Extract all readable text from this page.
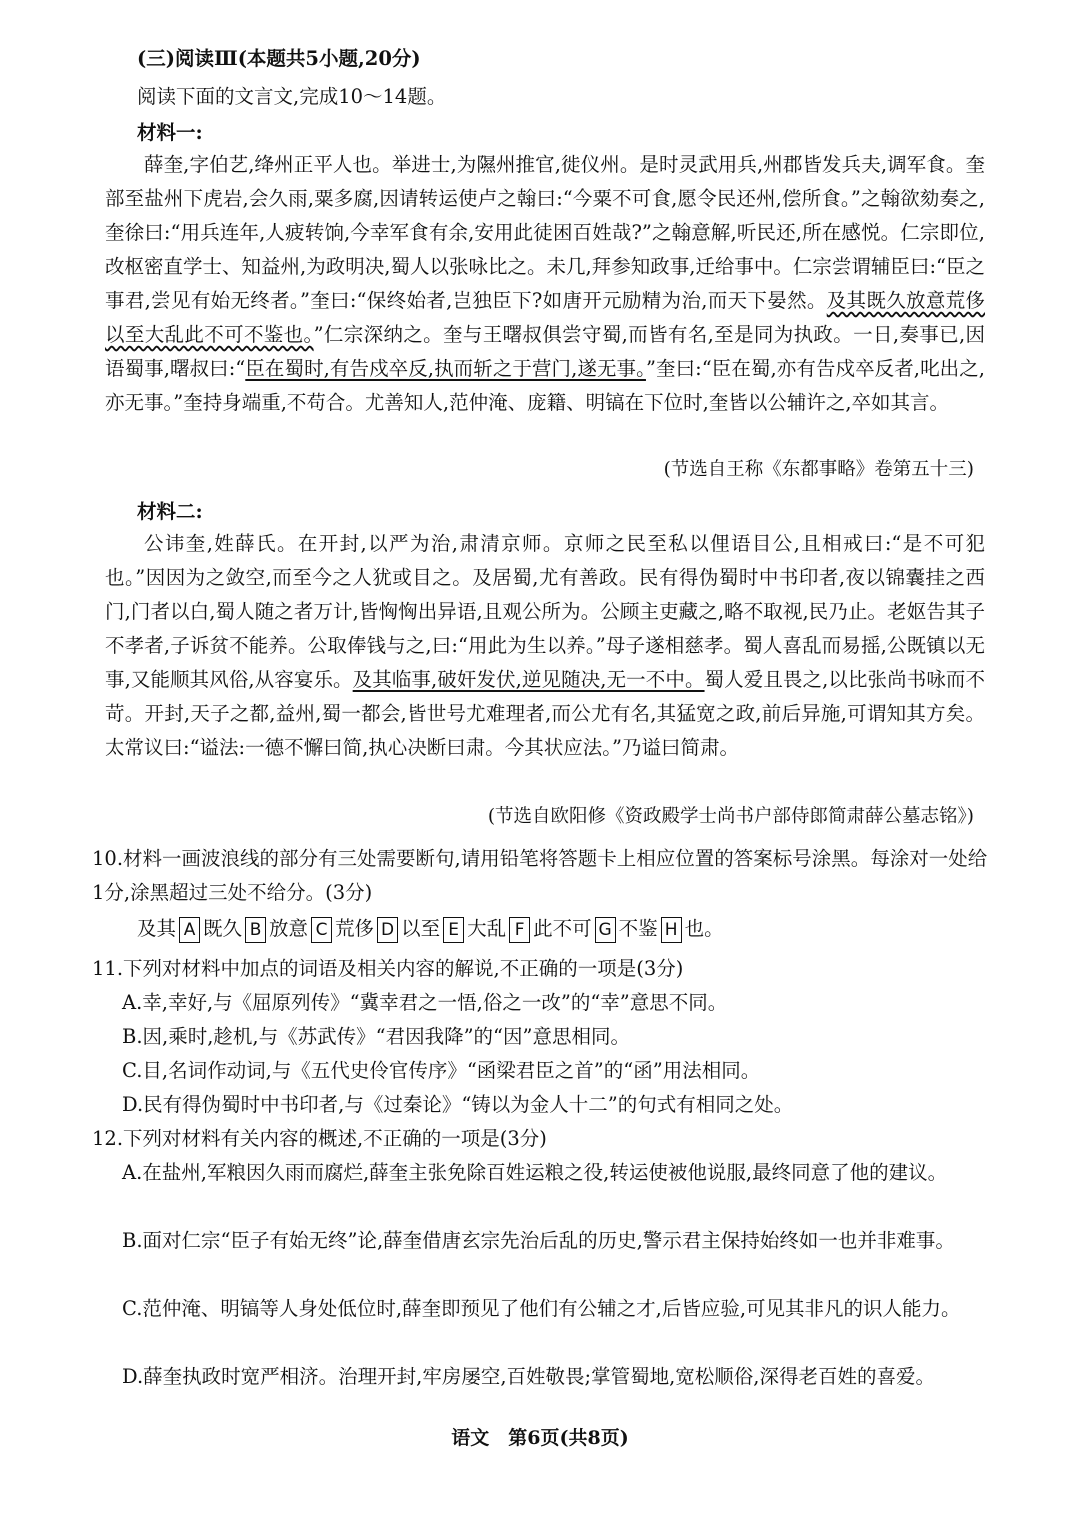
(三)阅读Ⅲ(本题共5小题,20分)
阅读下面的文言文,完成10～14题。
材料一:
薛奎,字伯艺,绛州正平人也。举进士,为隰州推官,徙仪州。是时灵武用兵,州郡皆发兵夫,调军食。奎部至盐州下虎岩,会久雨,粟多腐,因请转运使卢之翰曰:“今粟不可食,愿令民还州,偿所食。”之翰欲劾奏之,奎徐曰:“用兵连年,人疲转饷,今幸军食有余,安用此徒困百姓哉?”之翰意解,听民还,所在感悦。仁宗即位,改枢密直学士、知益州,为政明决,蜀人以张咏比之。未几,拜参知政事,迁给事中。仁宗尝谓辅臣曰:“臣之事君,尝见有始无终者。”奎曰:“保终始者,岂独臣下?如唐开元励精为治,而天下晏然。及其既久放意荒侈以至大乱此不可不鉴也。”仁宗深纳之。奎与王曙叔俱尝守蜀,而皆有名,至是同为执政。一日,奏事已,因语蜀事,曙叔曰:“臣在蜀时,有告戍卒反,执而斩之于营门,遂无事。”奎曰:“臣在蜀,亦有告戍卒反者,叱出之,亦无事。”奎持身端重,不苟合。尤善知人,范仲淹、庞籍、明镐在下位时,奎皆以公辅许之,卒如其言。
(节选自王称《东都事略》卷第五十三)
材料二:
公讳奎,姓薛氏。在开封,以严为治,肃清京师。京师之民至私以俚语目公,且相戒曰:“是不可犯也。”因因为之敛空,而至今之人犹或目之。及居蜀,尤有善政。民有得伪蜀时中书印者,夜以锦囊挂之西门,门者以白,蜀人随之者万计,皆恟恟出异语,且观公所为。公顾主吏藏之,略不取视,民乃止。老妪告其子不孝者,子诉贫不能养。公取俸钱与之,曰:“用此为生以养。”母子遂相慈孝。蜀人喜乱而易摇,公既镇以无事,又能顺其风俗,从容宴乐。及其临事,破奸发伏,逆见随决,无一不中。蜀人爱且畏之,以比张尚书咏而不苛。开封,天子之都,益州,蜀一都会,皆世号尤难理者,而公尤有名,其猛宽之政,前后异施,可谓知其方矣。太常议曰:“谥法:一德不懈曰简,执心决断曰肃。今其状应法。”乃谥曰简肃。
(节选自欧阳修《资政殿学士尚书户部侍郎简肃薛公墓志铭》)
10.材料一画波浪线的部分有三处需要断句,请用铅笔将答题卡上相应位置的答案标号涂黑。每涂对一处给1分,涂黑超过三处不给分。(3分)
及其 A 既久 B 放意 C 荒侈 D 以至 E 大乱 F 此不可 G 不鉴 H 也。
11.下列对材料中加点的词语及相关内容的解说,不正确的一项是(3分)
A.幸,幸好,与《屈原列传》“冀幸君之一悟,俗之一改”的“幸”意思不同。
B.因,乘时,趁机,与《苏武传》“君因我降”的“因”意思相同。
C.目,名词作动词,与《五代史伶官传序》“函梁君臣之首”的“函”用法相同。
D.民有得伪蜀时中书印者,与《过秦论》“铸以为金人十二”的句式有相同之处。
12.下列对材料有关内容的概述,不正确的一项是(3分)
A.在盐州,军粮因久雨而腐烂,薛奎主张免除百姓运粮之役,转运使被他说服,最终同意了他的建议。
B.面对仁宗“臣子有始无终”论,薛奎借唐玄宗先治后乱的历史,警示君主保持始终如一也并非难事。
C.范仲淹、明镐等人身处低位时,薛奎即预见了他们有公辅之才,后皆应验,可见其非凡的识人能力。
D.薛奎执政时宽严相济。治理开封,牢房屡空,百姓敬畏;掌管蜀地,宽松顺俗,深得老百姓的喜爱。
语文　第6页(共8页)
